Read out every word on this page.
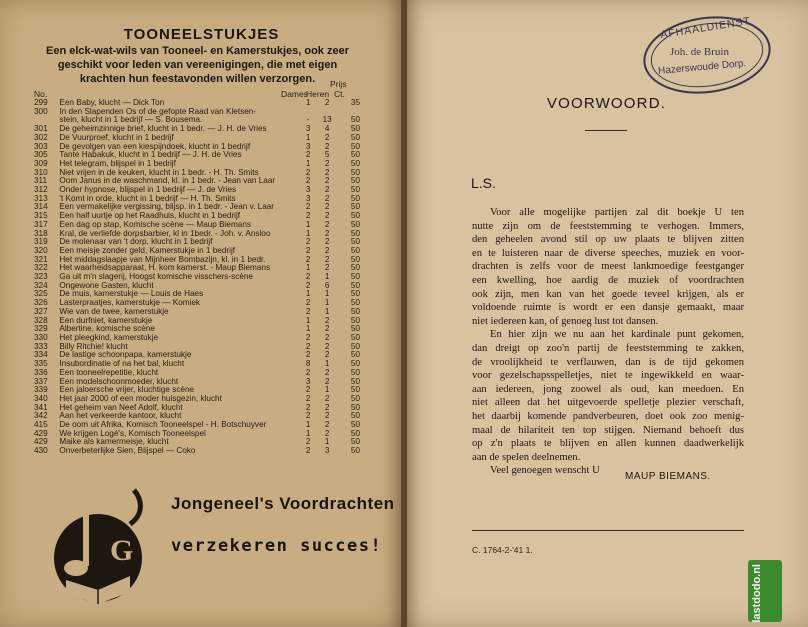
TOONEELSTUKJES
Een elck-wat-wils van Tooneel- en Kamerstukjes, ook zeer
geschikt voor leden van vereenigingen, die met eigen
krachten hun feestavonden willen verzorgen.	Prijs
No.	Dames
Heren Ct.
299	Een Baby, klucht — Dick Ton	1	2	35
300	In den Slapenden Os of de gefopte Raad van Kletsen-			
	stein, klucht in 1 bedrijf — S. Bousema.	-	13	50
301	De geheimzinnige brief, klucht in 1 bedr. — J. H. de Vries	3	4	50
302	De Vuurproef, klucht in 1 bedrijf	1	2	50
303	De gevolgen van een kiespijndoek, klucht in 1 bedrijf	3	2	50
305	Tante Habakuk, klucht in 1 bedrijf — J. H. de Vries	2	5	50
309	Het telegram, blijspel in 1 bedrijf	1	2	50
310	Niet vrijen in de keuken, klucht in 1 bedr. - H. Th. Smits	2	2	50
311	Oom Janus in de waschmand, kl. in 1 bedr. - Jean van Laar	2	2	50
312	Onder hypnose, blijspel in 1 bedrijf — J. de Vries	3	2	50
313	't Komt in orde, klucht in 1 bedrijf — H. Th. Smits	3	2	50
314	Een vermakelijke vergissing, blijsp. in 1 bedr. - Jean v. Laar	2	2	50
315	Een half uurtje op het Raadhuis, klucht in 1 bedrijf	2	2	50
317	Een dag op stap, Komische scène — Maup Biemans	1	2	50
318	Kral, de verliefde dorpsbarbier, kl in 1bedr. - Joh. v. Ansloo	1	2	50
319	De molenaar van 't dorp, klucht in 1 bedrijf	2	2	50
320	Een meisje zonder geld, Kamerstukje in 1 bedrijf	2	2	50
321	Het middagslaapje van Mijnheer Bombazijn, kl. in 1 bedr.	2	2	50
322	Het waarheidsapparaat, H. kom kamerst. - Maup Biemans	1	2	50
323	Ga uit m'n slagerij, Hoogst komische visschers-scène	2	1	50
324	Ongewone Gasten, klucht	2	6	50
325	De muis, kamerstukje — Louis de Haes	1	1	50
326	Lasterpraatjes, kamerstukje — Komiek	2	1	50
327	Wie van de twee, kamerstukje	2	1	50
328	Een durfniet, kamerstukje	1	2	50
329	Albertine, komische scène	1	2	50
330	Het pleegkind, kamerstukje	2	2	50
333	Billy Ritchie! klucht	2	2	50
334	De lastige schoonpapa, kamerstukje	2	2	50
335	Insubordinatie of na het bal, klucht	8	1	50
336	Een tooneelrepetitie, klucht	2	2	50
337	Een modelschoonmoeder, klucht	3	2	50
339	Een jaloersche vrijer, kluchtige scène	2	1	50
340	Het jaar 2000 of een moder huisgezin, klucht	2	2	50
341	Het geheim van Neef Adolf, klucht	2	2	50
342	Aan het verkeerde kantoor, klucht	2	2	50
415	De oom uit Afrika, Komisch Tooneelspel - H. Botschuyver	1	2	50
429	We krijgen Logé's, Komisch Tooneelspel	1	2	50
429	Maike als kamermeisje, klucht	2	1	50
430	Onverbeterlijke Sien, Blijspel — Coko	2	3	50
G
Jongeneel's Voordrachten
verzekeren succes!
AFHAALDIENST
Joh. de Bruin
Hazerswoude Dorp.
VOORWOORD.
L.S.

Voor alle mogelijke partijen zal dit boekje U ten
nutte zijn om de feeststemming te verhogen. Immers,
den geheelen avond stil op uw plaats te blijven zitten
en te luisteren naar de diverse speeches, muziek en voor-
drachten is zelfs voor de meest lankmoedige feestganger
een kwelling, hoe aardig de muziek of voordrachten
ook zijn, men kan van het goede teveel krijgen, als er
voldoende ruimte is wordt er een dansje gemaakt, maar
niet iedereen kan, of genoeg lust tot dansen.

En hier zijn we nu aan het kardinale punt gekomen,
dan dreigt op zoo'n partij de feeststemming te zakken,
de vroolijkheid te verflauwen, dan is de tijd gekomen
voor gezelschapsspelletjes, niet te ingewikkeld en waar-
aan iedereen, jong zoowel als oud, kan meedoen. En
niet alleen dat het uitgevoerde spelletje plezier verschaft,
het daarbij komende pandverbeuren, doet ook zoo menig-
maal de hilariteit ten top stijgen. Niemand behoeft dus
op z'n plaats te blijven en allen kunnen daadwerkelijk
aan de spelen deelnemen.

Veel genoegen wenscht U

MAUP BIEMANS.
C. 1764-2-'41 1.
lastdodo.nl
